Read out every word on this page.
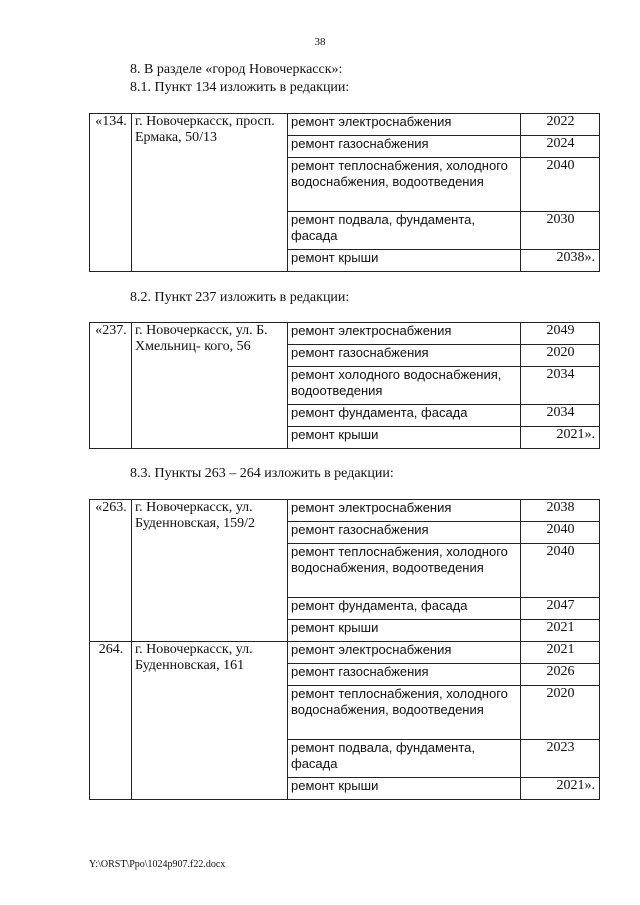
38
8. В разделе «город Новочеркасск»:
8.1. Пункт 134 изложить в редакции:
«134.	г. Новочеркасск, просп. Ермака, 50/13	ремонт электроснабжения	2022
		ремонт газоснабжения	2024
		ремонт теплоснабжения, холодного водоснабжения, водоотведения	2040
		ремонт подвала, фундамента, фасада	2030
		ремонт крыши	2038».
8.2. Пункт 237 изложить в редакции:
«237.	г. Новочеркасск, ул. Б. Хмельниц- кого, 56	ремонт электроснабжения	2049
		ремонт газоснабжения	2020
		ремонт холодного водоснабжения, водоотведения	2034
		ремонт фундамента, фасада	2034
		ремонт крыши	2021».
8.3. Пункты 263 – 264 изложить в редакции:
«263.	г. Новочеркасск, ул. Буденновская, 159/2	ремонт электроснабжения	2038
		ремонт газоснабжения	2040
		ремонт теплоснабжения, холодного водоснабжения, водоотведения	2040
		ремонт фундамента, фасада	2047
		ремонт крыши	2021
264.	г. Новочеркасск, ул. Буденновская, 161	ремонт электроснабжения	2021
		ремонт газоснабжения	2026
		ремонт теплоснабжения, холодного водоснабжения, водоотведения	2020
		ремонт подвала, фундамента, фасада	2023
		ремонт крыши	2021».
Y:\ORST\Ppo\1024p907.f22.docx
